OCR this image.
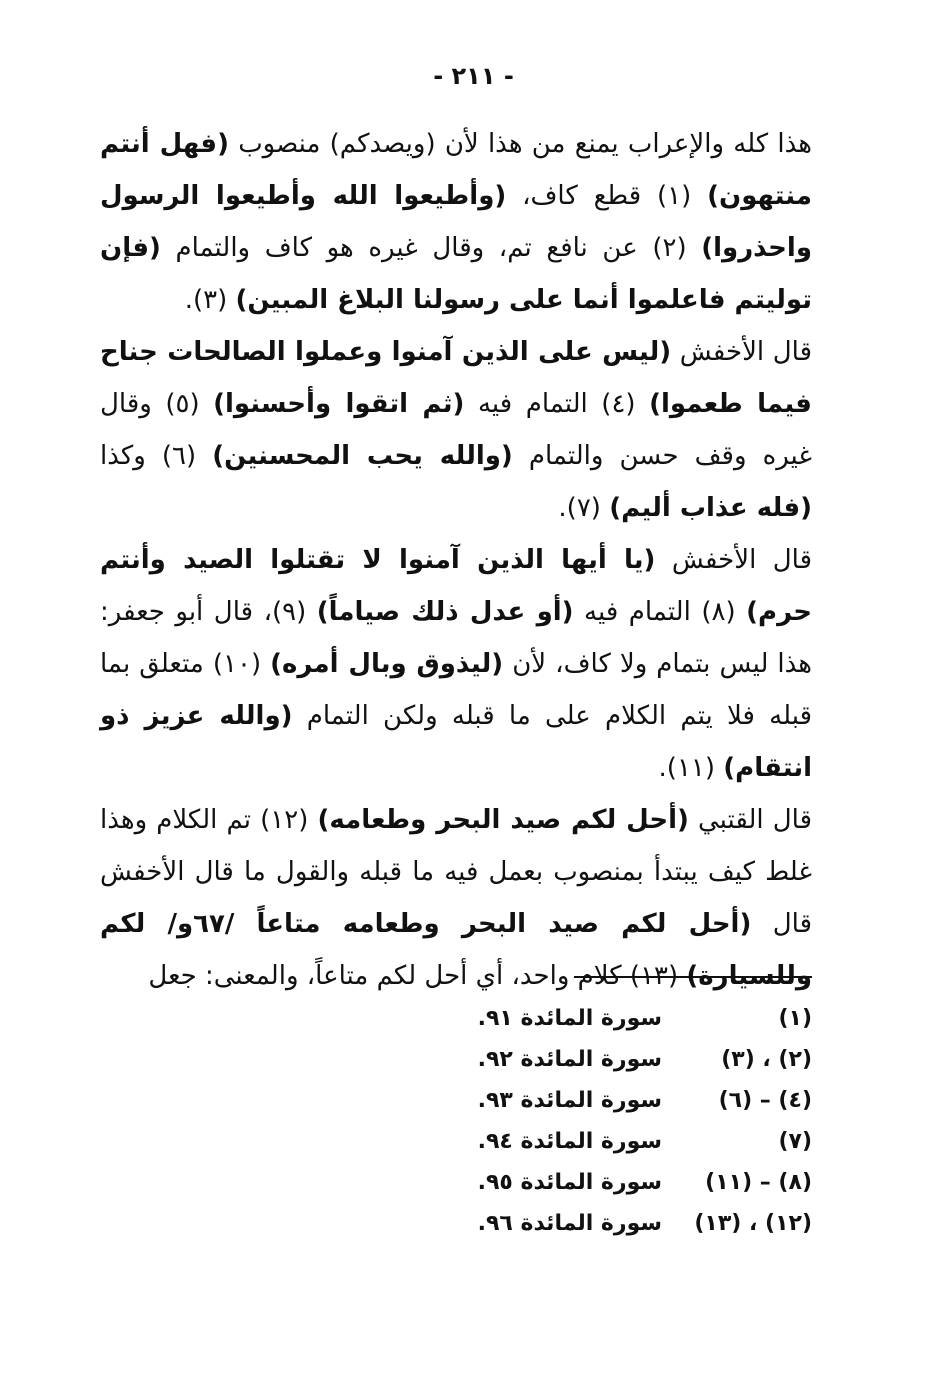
- ٢١١ -

هذا كله والإعراب يمنع من هذا لأن (ويصدكم) منصوب (فهل أنتم منتهون) (١) قطع كاف، (وأطيعوا الله وأطيعوا الرسول واحذروا) (٢) عن نافع تم، وقال غيره هو كاف والتمام (فإن توليتم فاعلموا أنما على رسولنا البلاغ المبين) (٣).

قال الأخفش (ليس على الذين آمنوا وعملوا الصالحات جناح فيما طعموا) (٤) التمام فيه (ثم اتقوا وأحسنوا) (٥) وقال غيره وقف حسن والتمام (والله يحب المحسنين) (٦) وكذا (فله عذاب أليم) (٧).

قال الأخفش (يا أيها الذين آمنوا لا تقتلوا الصيد وأنتم حرم) (٨) التمام فيه (أو عدل ذلك صياماً) (٩)، قال أبو جعفر: هذا ليس بتمام ولا كاف، لأن (ليذوق وبال أمره) (١٠) متعلق بما قبله فلا يتم الكلام على ما قبله ولكن التمام (والله عزيز ذو انتقام) (١١).

قال القتبي (أحل لكم صيد البحر وطعامه) (١٢) تم الكلام وهذا غلط كيف يبتدأ بمنصوب بعمل فيه ما قبله والقول ما قال الأخفش قال (أحل لكم صيد البحر وطعامه متاعاً /٦٧و/ لكم وللسيارة) (١٣) كلام واحد، أي أحل لكم متاعاً، والمعنى: جعل

(١)
سورة المائدة ٩١.
(٢) ، (٣)
سورة المائدة ٩٢.
(٤) – (٦)
سورة المائدة ٩٣.
(٧)
سورة المائدة ٩٤.
(٨) – (١١)
سورة المائدة ٩٥.
(١٢) ، (١٣)
سورة المائدة ٩٦.
